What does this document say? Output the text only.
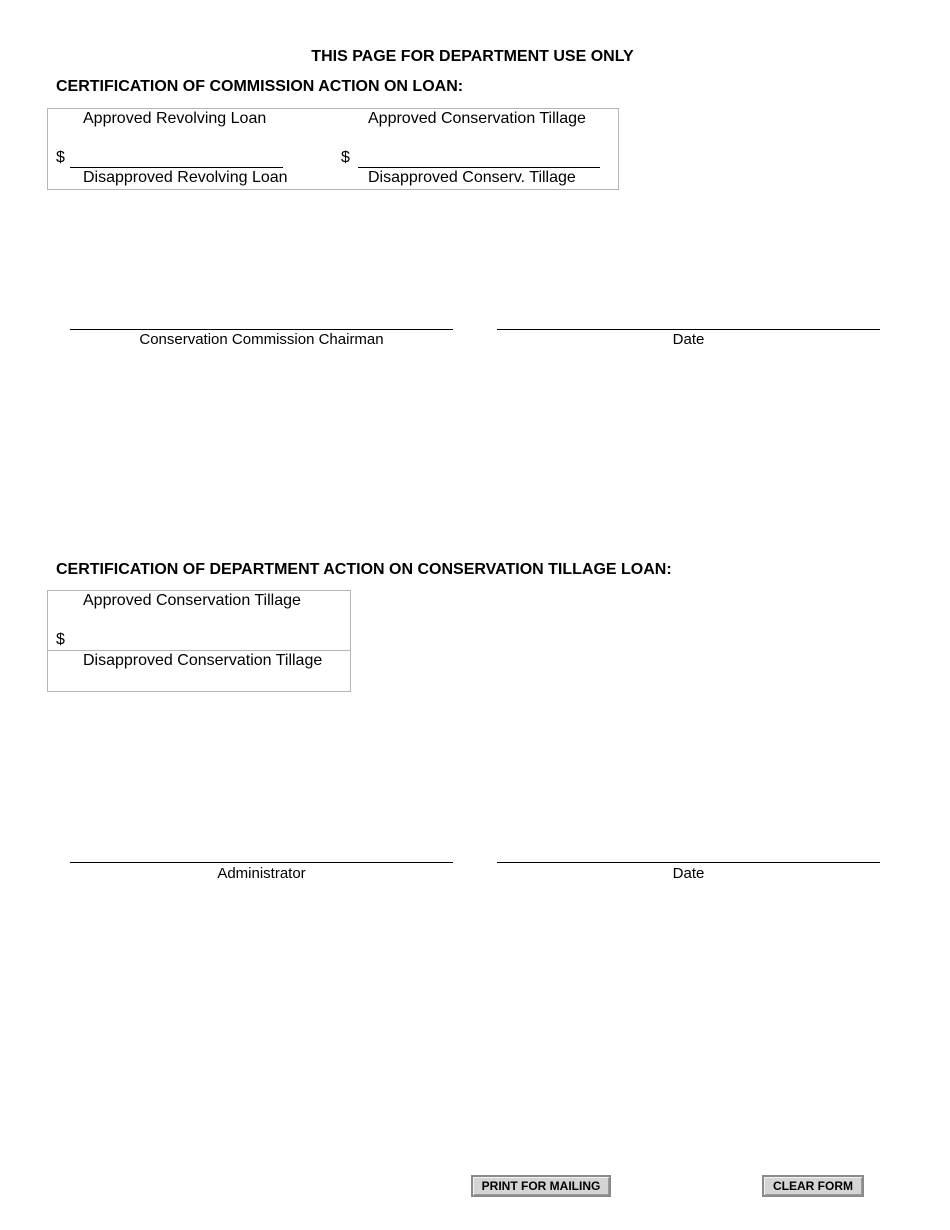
THIS PAGE FOR DEPARTMENT USE ONLY
CERTIFICATION OF COMMISSION ACTION ON LOAN:
Approved Revolving Loan	Approved Conservation Tillage
$	$
Disapproved Revolving Loan	Disapproved Conserv. Tillage
Conservation Commission Chairman	Date
CERTIFICATION OF DEPARTMENT ACTION ON CONSERVATION TILLAGE LOAN:
Approved Conservation Tillage
$
Disapproved Conservation Tillage
Administrator	Date
PRINT FOR MAILING	CLEAR FORM
